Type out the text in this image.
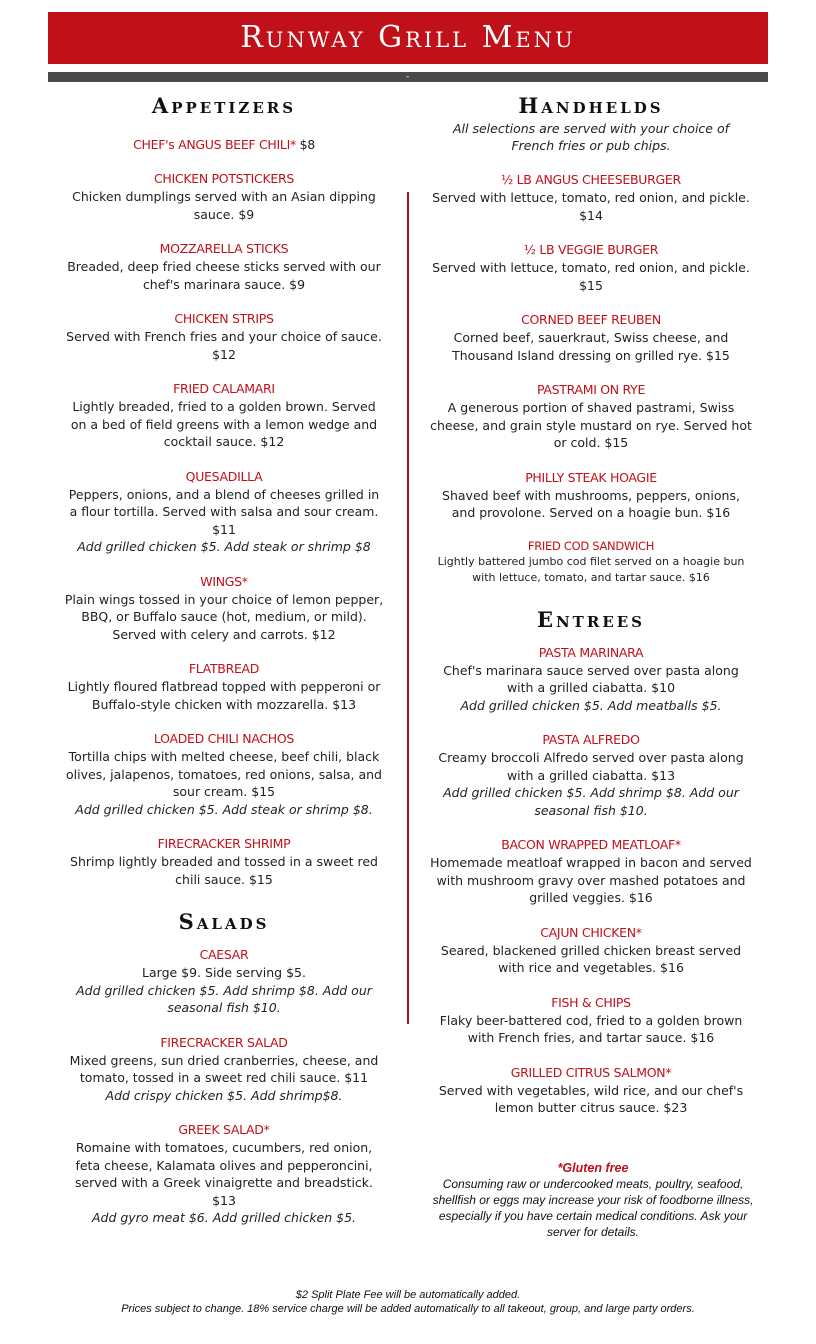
Runway Grill Menu
-
Appetizers
CHEF's ANGUS BEEF CHILI* $8
CHICKEN POTSTICKERS
Chicken dumplings served with an Asian dipping sauce. $9
MOZZARELLA STICKS
Breaded, deep fried cheese sticks served with our chef's marinara sauce. $9
CHICKEN STRIPS
Served with French fries and your choice of sauce. $12
FRIED CALAMARI
Lightly breaded, fried to a golden brown. Served on a bed of field greens with a lemon wedge and cocktail sauce. $12
QUESADILLA
Peppers, onions, and a blend of cheeses grilled in a flour tortilla. Served with salsa and sour cream. $11
Add grilled chicken $5. Add steak or shrimp $8
WINGS*
Plain wings tossed in your choice of lemon pepper, BBQ, or Buffalo sauce (hot, medium, or mild). Served with celery and carrots. $12
FLATBREAD
Lightly floured flatbread topped with pepperoni or Buffalo-style chicken with mozzarella. $13
LOADED CHILI NACHOS
Tortilla chips with melted cheese, beef chili, black olives, jalapenos, tomatoes, red onions, salsa, and sour cream. $15
Add grilled chicken $5. Add steak or shrimp $8.
FIRECRACKER SHRIMP
Shrimp lightly breaded and tossed in a sweet red chili sauce. $15
Salads
CAESAR
Large $9. Side serving $5.
Add grilled chicken $5. Add shrimp $8. Add our seasonal fish $10.
FIRECRACKER SALAD
Mixed greens, sun dried cranberries, cheese, and tomato, tossed in a sweet red chili sauce. $11
Add crispy chicken $5. Add shrimp$8.
GREEK SALAD*
Romaine with tomatoes, cucumbers, red onion, feta cheese, Kalamata olives and pepperoncini, served with a Greek vinaigrette and breadstick. $13
Add gyro meat $6. Add grilled chicken $5.
Handhelds
All selections are served with your choice of French fries or pub chips.
½ LB ANGUS CHEESEBURGER
Served with lettuce, tomato, red onion, and pickle. $14
½ LB VEGGIE BURGER
Served with lettuce, tomato, red onion, and pickle. $15
CORNED BEEF REUBEN
Corned beef, sauerkraut, Swiss cheese, and Thousand Island dressing on grilled rye. $15
PASTRAMI ON RYE
A generous portion of shaved pastrami, Swiss cheese, and grain style mustard on rye. Served hot or cold. $15
PHILLY STEAK HOAGIE
Shaved beef with mushrooms, peppers, onions, and provolone. Served on a hoagie bun. $16
FRIED COD SANDWICH
Lightly battered jumbo cod filet served on a hoagie bun with lettuce, tomato, and tartar sauce. $16
Entrees
PASTA MARINARA
Chef's marinara sauce served over pasta along with a grilled ciabatta. $10
Add grilled chicken $5. Add meatballs $5.
PASTA ALFREDO
Creamy broccoli Alfredo served over pasta along with a grilled ciabatta. $13
Add grilled chicken $5. Add shrimp $8. Add our seasonal fish $10.
BACON WRAPPED MEATLOAF*
Homemade meatloaf wrapped in bacon and served with mushroom gravy over mashed potatoes and grilled veggies. $16
CAJUN CHICKEN*
Seared, blackened grilled chicken breast served with rice and vegetables. $16
FISH & CHIPS
Flaky beer-battered cod, fried to a golden brown with French fries, and tartar sauce. $16
GRILLED CITRUS SALMON*
Served with vegetables, wild rice, and our chef's lemon butter citrus sauce. $23
*Gluten free
Consuming raw or undercooked meats, poultry, seafood, shellfish or eggs may increase your risk of foodborne illness, especially if you have certain medical conditions. Ask your server for details.
$2 Split Plate Fee will be automatically added.
Prices subject to change. 18% service charge will be added automatically to all takeout, group, and large party orders.
